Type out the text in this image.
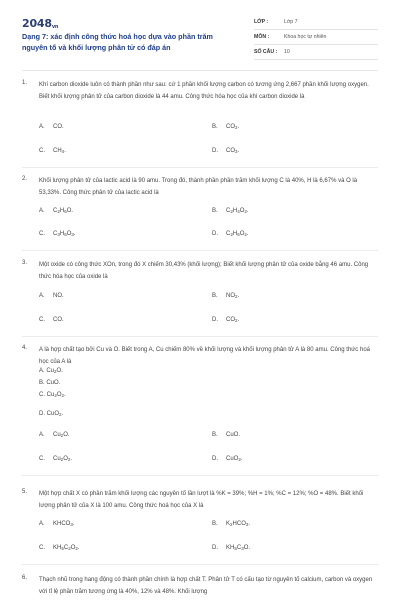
$2048_{vn}$
Dạng 7: xác định công thức hoá học dựa vào phần trăm nguyên tố và khối lượng phân tử có đáp án
LỚP :	Lớp 7
MÔN :	Khoa học tự nhiên
SỐ CÂU :	10
1. Khí carbon dioxide luôn có thành phần như sau: cứ 1 phần khối lượng carbon có tương ứng 2,667 phần khối lượng oxygen. Biết khối lượng phân tử của carbon dioxide là 44 amu. Công thức hóa học của khí carbon dioxide là
A. CO.	B. $CO_2$.
C. $CH_4$.	D. $CO_3$.
2. Khối lượng phân tử của lactic acid là 90 amu. Trong đó, thành phần phần trăm khối lượng C là 40%, H là 6,67% và O là 53,33%. Công thức phân tử của lactic acid là
A. $C_2H_6O$.	B. $C_2H_4O_2$.
C. $C_3H_6O_3$.	D. $C_2H_6O_2$.
3. Một oxide có công thức XOn, trong đó X chiếm 30,43% (khối lượng); Biết khối lượng phân tử của oxide bằng 46 amu. Công thức hóa học của oxide là
A. NO.	B. $NO_2$.
C. CO.	D. $CO_2$.
4. A là hợp chất tạo bởi Cu và O. Biết trong A, Cu chiếm 80% về khối lượng và khối lượng phân tử A là 80 amu. Công thức hoá học của A là
A. $Cu_2O$.
B. CuO.
C. $Cu_2O_2$.
D. CuO$_2$.
A. $Cu_2O$.	B. CuO.
C. $Cu_2O_2$.	D. CuO$_2$.
5. Một hợp chất X có phần trăm khối lượng các nguyên tố lần lượt là %K = 39%; %H = 1%; %C = 12%; %O = 48%. Biết khối lượng phân tử của X là 100 amu. Công thức hoá học của X là
A. $KHCO_3$.	B. $K_2HCO_3$.
C. $KH_5C_2O_2$.	D. $KH_5C_3O$.
6. Thạch nhũ trong hang động có thành phần chính là hợp chất T. Phân tử T có cấu tạo từ nguyên tố calcium, carbon và oxygen với tỉ lệ phần trăm tương ứng là 40%, 12% và 48%. Khối lượng
